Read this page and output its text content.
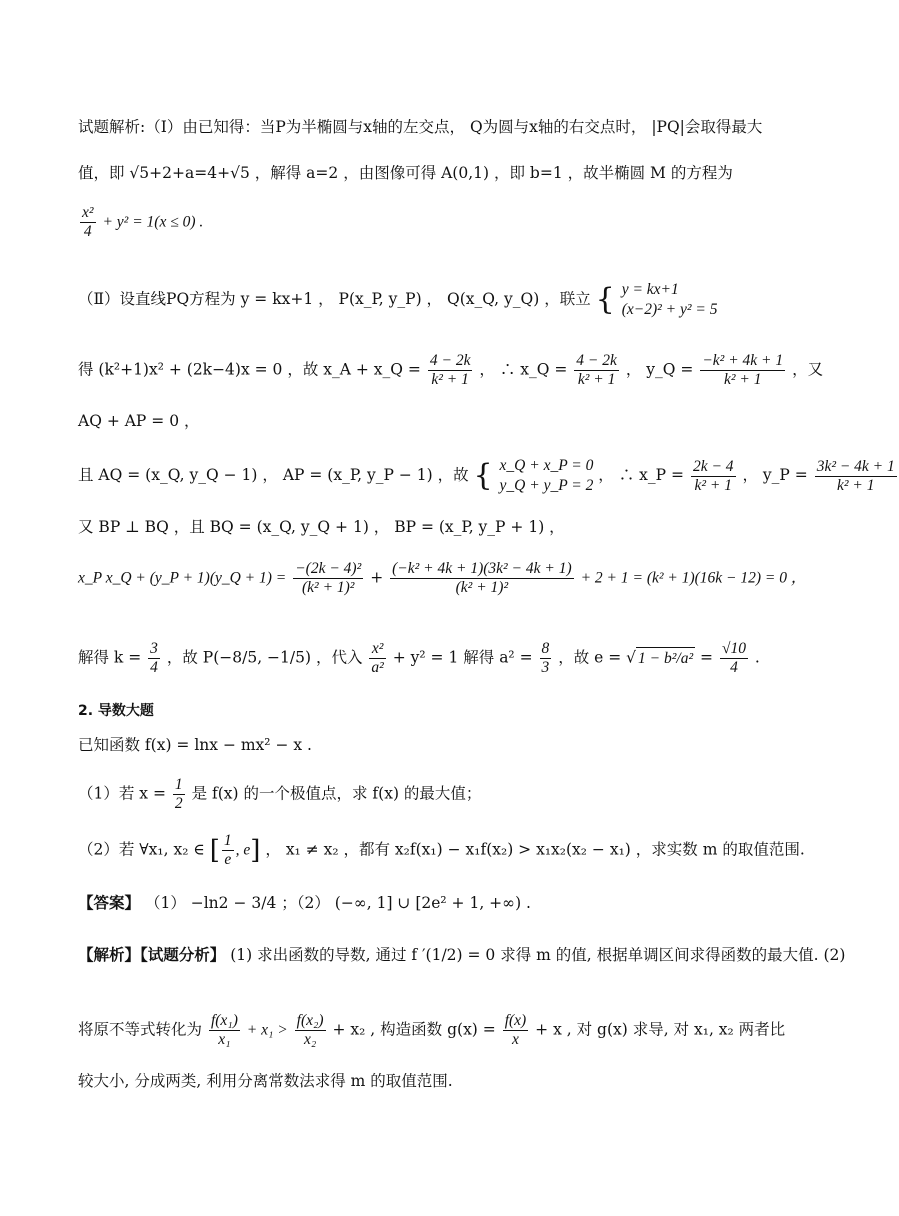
试题解析:（Ⅰ）由已知得：当P为半椭圆与x轴的左交点， Q为圆与x轴的右交点时， |PQ|会取得最大
值，即 √5+2+a=4+√5 ，解得 a=2 ，由图像可得 A(0,1) ，即 b=1 ，故半椭圆 M 的方程为
$\frac{\text{x²}}{4} + y^2 = 1(x \le 0)$ .
（Ⅱ）设直线PQ方程为 y = kx+1 ， P(x_P, y_P) ， Q(x_Q, y_Q) ，联立 { y = kx+1
(x−2)² + y² = 5
得 (k²+1)x² + (2k−4)x = 0 ，故 x_A + x_Q = $\frac{4 - 2k}{\text{k² + 1}}$ ， ∴ x_Q = $\frac{4 - 2k}{\text{k² + 1}}$ ， y_Q = $\frac{\text{−k² + 4k + 1}}{\text{k² + 1}}$ ，又
AQ + AP = 0 ，
且 AQ = (x_Q, y_Q − 1) ， AP = (x_P, y_P − 1) ，故 { x_Q + x_P = 0
y_Q + y_P = 2
， ∴ x_P = $\frac{2k - 4}{\text{k² + 1}}$ ， y_P = $\frac{\text{3k² − 4k + 1}}{\text{k² + 1}}$
又 BP ⊥ BQ ，且 BQ = (x_Q, y_Q + 1) ， BP = (x_P, y_P + 1) ，
x_P x_Q + (y_P + 1)(y_Q + $1) = \frac{\text{−(2k − 4)²}}{\text{(k² + 1)²}} + \frac{\text{(−k² + 4k + 1)(3k² − 4k + 1)}}{\text{(k² + 1)²}} + 2 + 1 = (k^2 + 1)(16k - 12) = 0$ ，
解得 $k = \frac{3}{4}$ ，故 P(−8/5, −1/5) ，代入 $\frac{\text{x²}}{\text{a²}} + y^2 = 1$ 解得 $a^2 = \frac{8}{3}$ ，故 e = √ $1 - b^2/a^2 = \frac{√10}{4}$ .
2. 导数大题
已知函数 f(x) = lnx − mx² − x .
（1）若 $x = \frac{1}{2}$ 是 f(x) 的一个极值点，求 f(x) 的最大值；
（2）若 ∀x₁, x₂ ∈ [ $\frac{1}{e}$ , e] ， x₁ ≠ x₂ ，都有 x₂f(x₁) − x₁f(x₂) > x₁x₂(x₂ − x₁) ，求实数 m 的取值范围.
【答案】 （1） −ln2 − 3/4 ；（2） (−∞, 1] ∪ [2e² + 1, +∞) .
【解析】【试题分析】 (1) 求出函数的导数, 通过 f ′(1/2) = 0 求得 m 的值, 根据单调区间求得函数的最大值. (2)
将原不等式转化为 $\frac{\text{f(x₁)}}{\text{x₁}} + x_1 > \frac{\text{f(x₂)}}{\text{x₂}} + x_2$ , 构造函数 $g(x) = \frac{f(x)}{x} + x$ , 对 g(x) 求导, 对 x₁, x₂ 两者比
较大小, 分成两类, 利用分离常数法求得 m 的取值范围.
